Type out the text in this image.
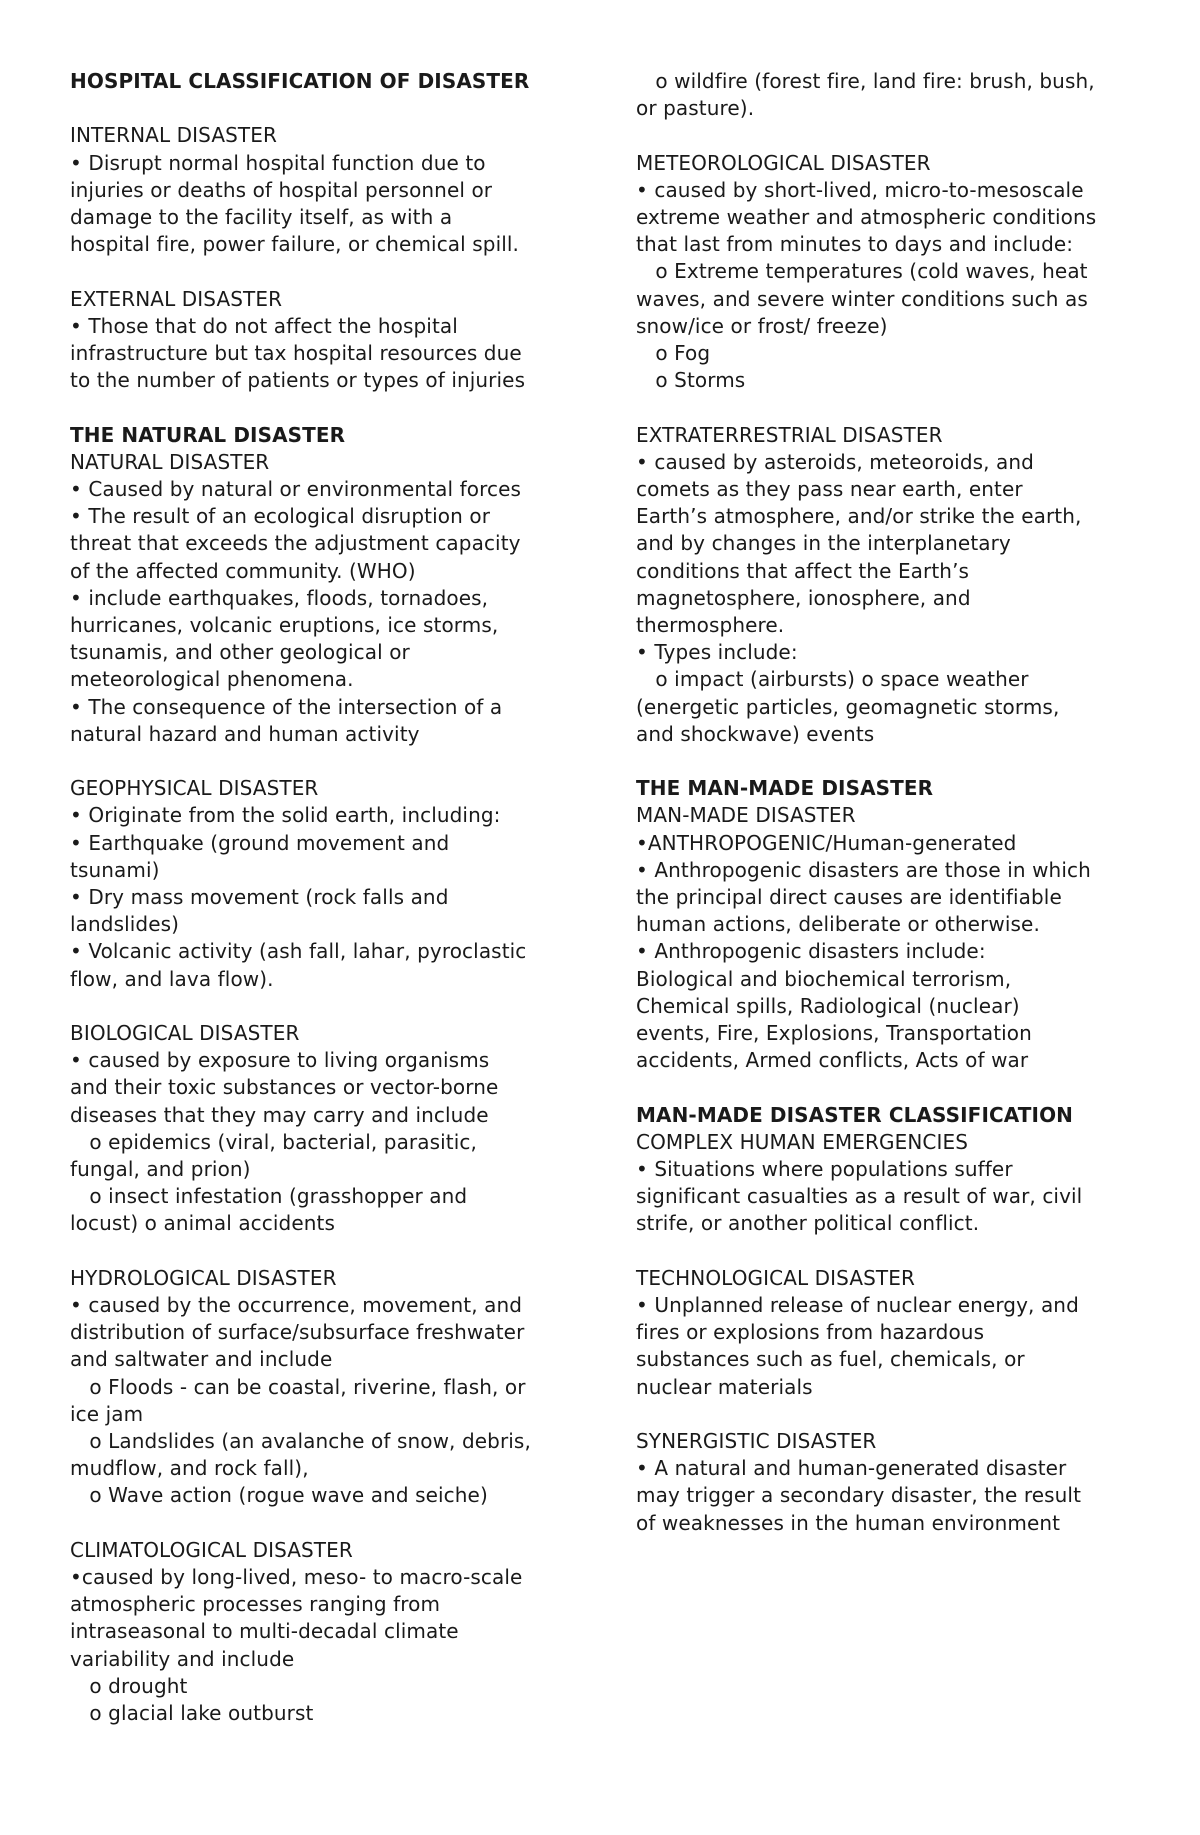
HOSPITAL CLASSIFICATION OF DISASTER
INTERNAL DISASTER
• Disrupt normal hospital function due to
injuries or deaths of hospital personnel or
damage to the facility itself, as with a
hospital fire, power failure, or chemical spill.
EXTERNAL DISASTER
• Those that do not affect the hospital
infrastructure but tax hospital resources due
to the number of patients or types of injuries
THE NATURAL DISASTER
NATURAL DISASTER
• Caused by natural or environmental forces
• The result of an ecological disruption or
threat that exceeds the adjustment capacity
of the affected community. (WHO)
• include earthquakes, floods, tornadoes,
hurricanes, volcanic eruptions, ice storms,
tsunamis, and other geological or
meteorological phenomena.
• The consequence of the intersection of a
natural hazard and human activity
GEOPHYSICAL DISASTER
• Originate from the solid earth, including:
• Earthquake (ground movement and
tsunami)
• Dry mass movement (rock falls and
landslides)
• Volcanic activity (ash fall, lahar, pyroclastic
flow, and lava flow).
BIOLOGICAL DISASTER
• caused by exposure to living organisms
and their toxic substances or vector-borne
diseases that they may carry and include
o epidemics (viral, bacterial, parasitic,
fungal, and prion)
o insect infestation (grasshopper and
locust) o animal accidents
HYDROLOGICAL DISASTER
• caused by the occurrence, movement, and
distribution of surface/subsurface freshwater
and saltwater and include
o Floods - can be coastal, riverine, flash, or
ice jam
o Landslides (an avalanche of snow, debris,
mudflow, and rock fall),
o Wave action (rogue wave and seiche)
CLIMATOLOGICAL DISASTER
•caused by long-lived, meso- to macro-scale
atmospheric processes ranging from
intraseasonal to multi-decadal climate
variability and include
o drought
o glacial lake outburst
o wildfire (forest fire, land fire: brush, bush,
or pasture).
METEOROLOGICAL DISASTER
• caused by short-lived, micro-to-mesoscale
extreme weather and atmospheric conditions
that last from minutes to days and include:
o Extreme temperatures (cold waves, heat
waves, and severe winter conditions such as
snow/ice or frost/ freeze)
o Fog
o Storms
EXTRATERRESTRIAL DISASTER
• caused by asteroids, meteoroids, and
comets as they pass near earth, enter
Earth’s atmosphere, and/or strike the earth,
and by changes in the interplanetary
conditions that affect the Earth’s
magnetosphere, ionosphere, and
thermosphere.
• Types include:
o impact (airbursts) o space weather
(energetic particles, geomagnetic storms,
and shockwave) events
THE MAN-MADE DISASTER
MAN-MADE DISASTER
•ANTHROPOGENIC/Human-generated
• Anthropogenic disasters are those in which
the principal direct causes are identifiable
human actions, deliberate or otherwise.
• Anthropogenic disasters include:
Biological and biochemical terrorism,
Chemical spills, Radiological (nuclear)
events, Fire, Explosions, Transportation
accidents, Armed conflicts, Acts of war
MAN-MADE DISASTER CLASSIFICATION
COMPLEX HUMAN EMERGENCIES
• Situations where populations suffer
significant casualties as a result of war, civil
strife, or another political conflict.
TECHNOLOGICAL DISASTER
• Unplanned release of nuclear energy, and
fires or explosions from hazardous
substances such as fuel, chemicals, or
nuclear materials
SYNERGISTIC DISASTER
• A natural and human-generated disaster
may trigger a secondary disaster, the result
of weaknesses in the human environment
